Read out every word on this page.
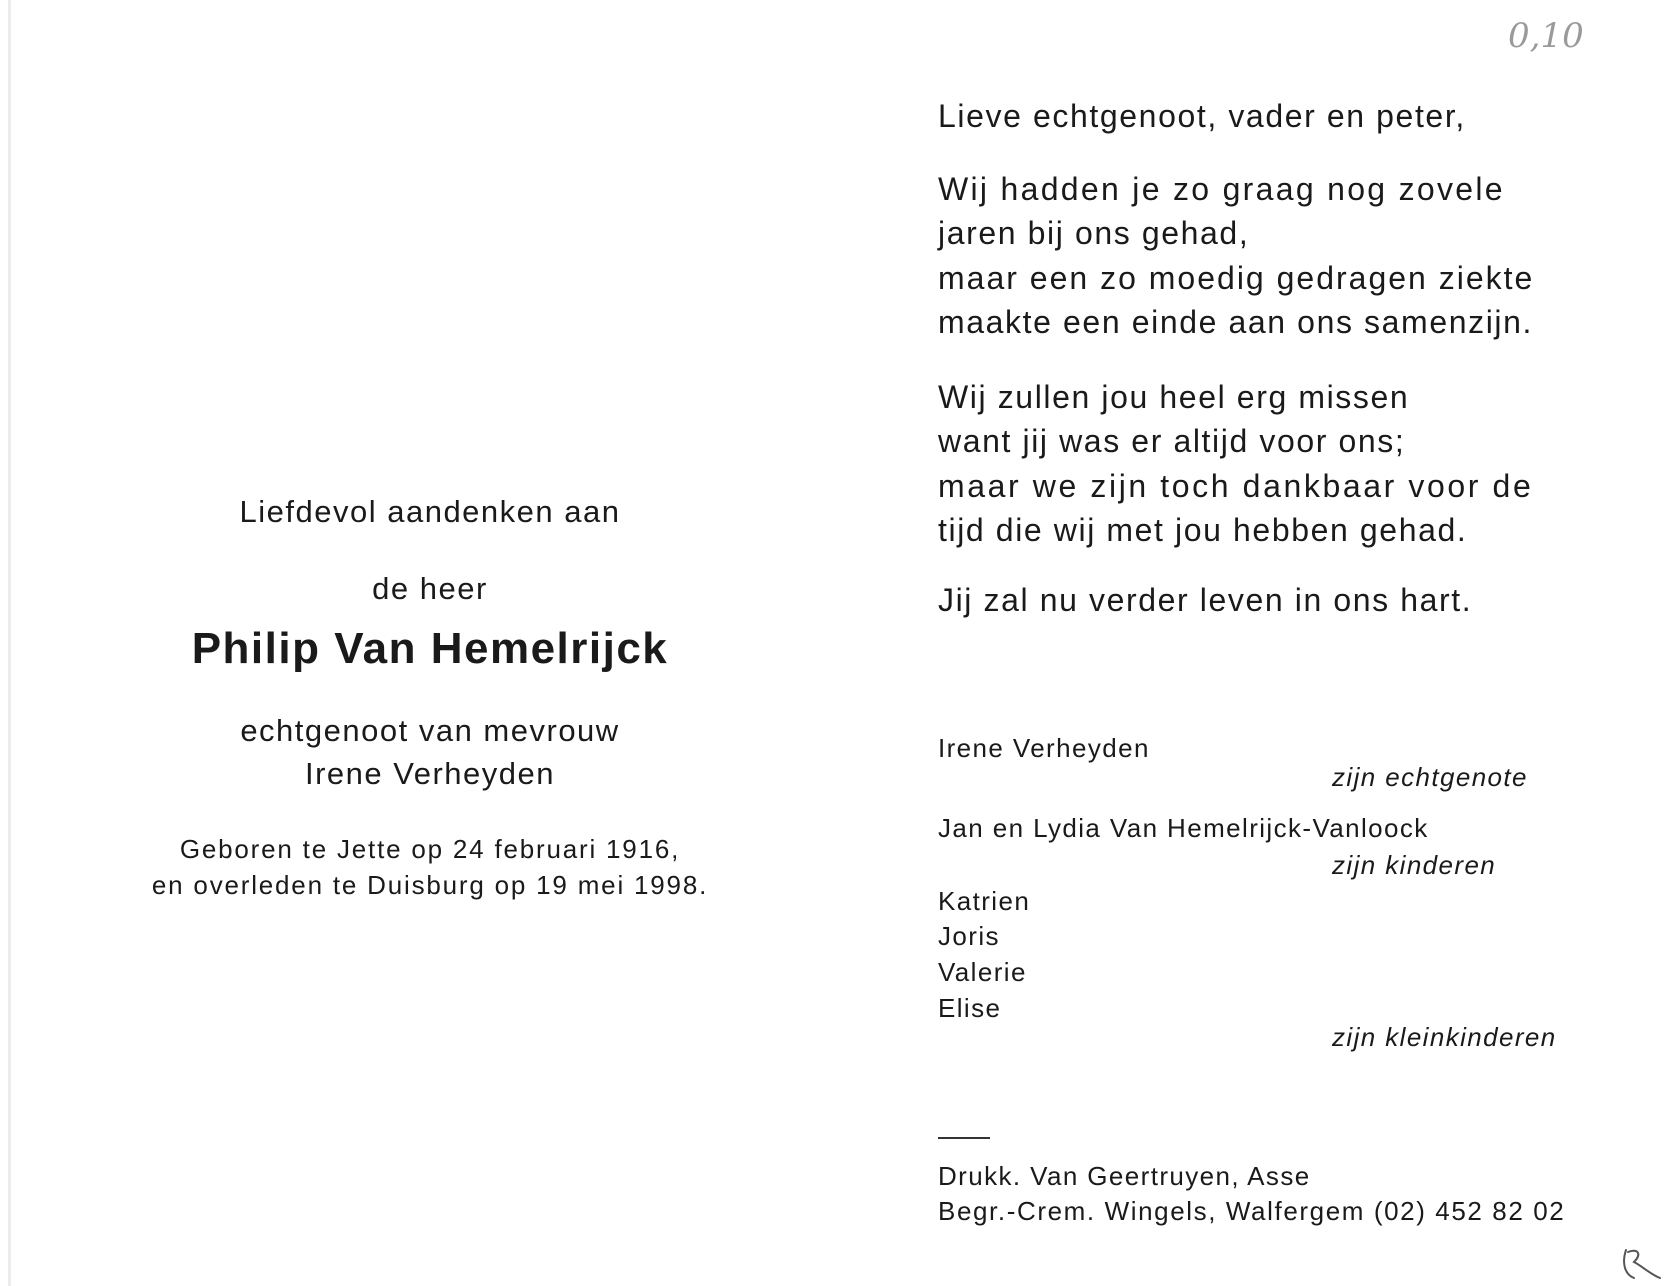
0,10
Liefdevol aandenken aan
de heer
Philip Van Hemelrijck
echtgenoot van mevrouw
Irene Verheyden
Geboren te Jette op 24 februari 1916,
en overleden te Duisburg op 19 mei 1998.
Lieve echtgenoot, vader en peter,
Wij hadden je zo graag nog zovele
jaren bij ons gehad,
maar een zo moedig gedragen ziekte
maakte een einde aan ons samenzijn.
Wij zullen jou heel erg missen
want jij was er altijd voor ons;
maar we zijn toch dankbaar voor de
tijd die wij met jou hebben gehad.
Jij zal nu verder leven in ons hart.
Irene Verheyden
zijn echtgenote
Jan en Lydia Van Hemelrijck-Vanloock
zijn kinderen
Katrien
Joris
Valerie
Elise
zijn kleinkinderen
Drukk. Van Geertruyen, Asse
Begr.-Crem. Wingels, Walfergem (02) 452 82 02
